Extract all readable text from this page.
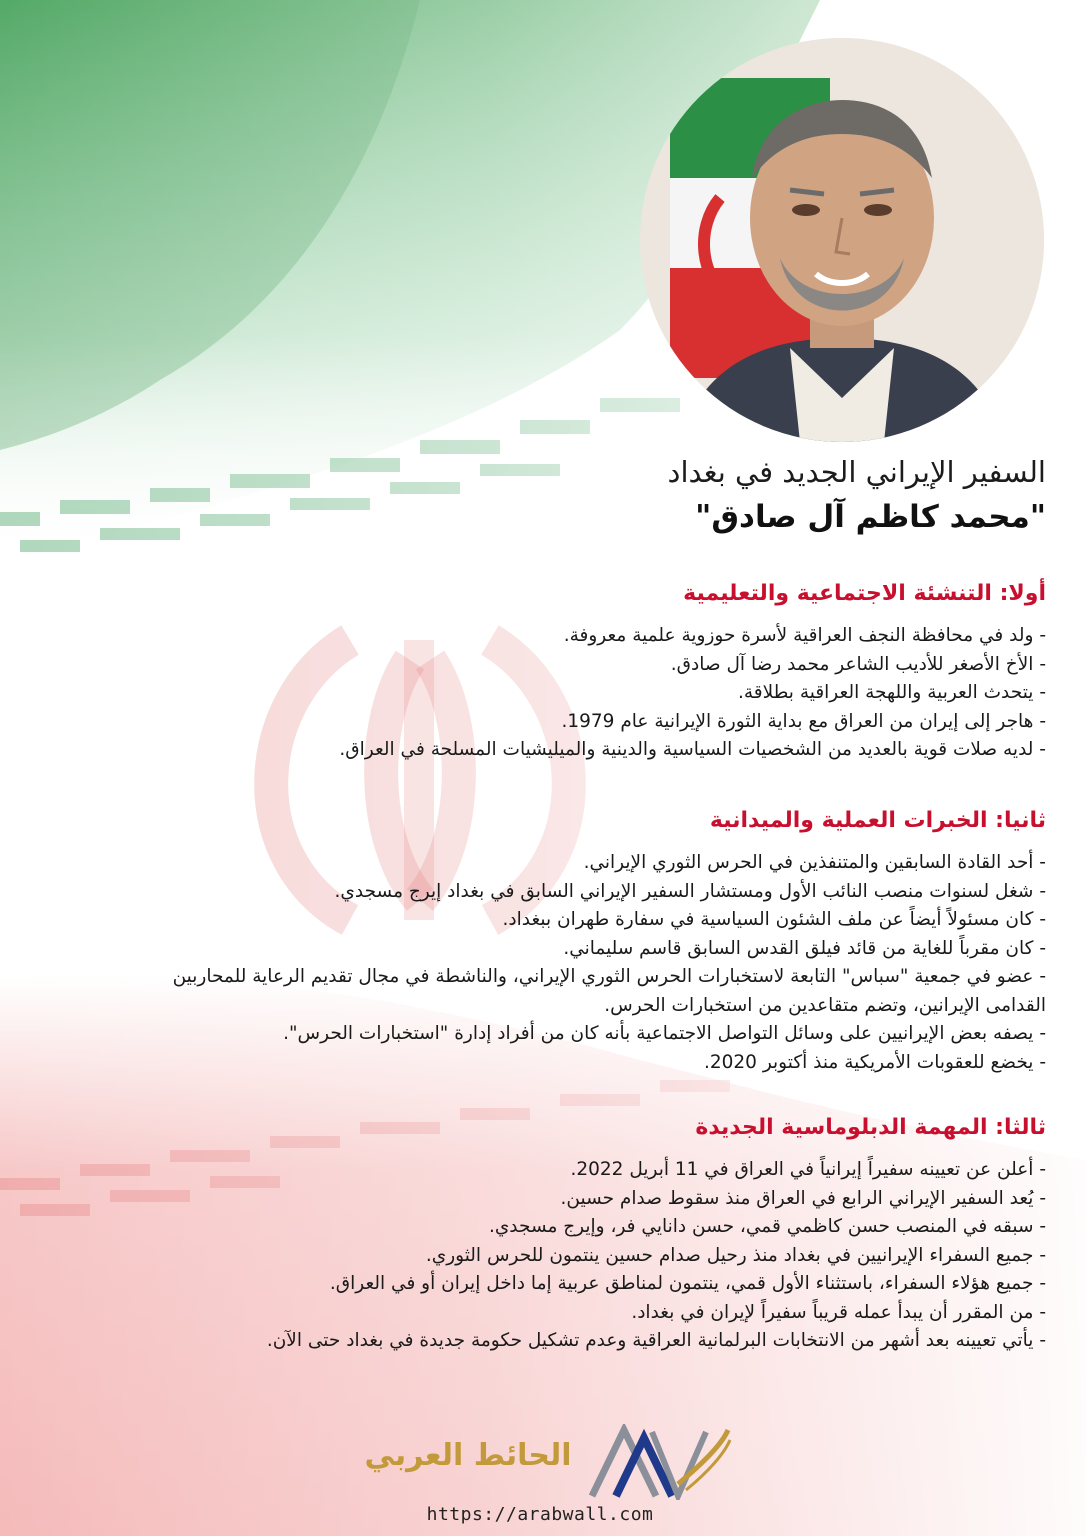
السفير الإيراني الجديد في بغداد
"محمد كاظم آل صادق"
أولا: التنشئة الاجتماعية والتعليمية
- ولد في محافظة النجف العراقية لأسرة حوزوية علمية معروفة.
- الأخ الأصغر للأديب الشاعر محمد رضا آل صادق.
- يتحدث العربية واللهجة العراقية بطلاقة.
- هاجر إلى إيران من العراق مع بداية الثورة الإيرانية عام 1979.
- لديه صلات قوية بالعديد من الشخصيات السياسية والدينية والميليشيات المسلحة في العراق.
ثانيا: الخبرات العملية والميدانية
- أحد القادة السابقين والمتنفذين في الحرس الثوري الإيراني.
- شغل لسنوات منصب النائب الأول ومستشار السفير الإيراني السابق في بغداد إيرج مسجدي.
- كان مسئولاً أيضاً عن ملف الشئون السياسية في سفارة طهران ببغداد.
- كان مقرباً للغاية من قائد فيلق القدس السابق قاسم سليماني.
- عضو في جمعية "سباس" التابعة لاستخبارات الحرس الثوري الإيراني، والناشطة في مجال تقديم الرعاية للمحاربين القدامى الإيرانين، وتضم متقاعدين من استخبارات الحرس.
- يصفه بعض الإيرانيين على وسائل التواصل الاجتماعية بأنه كان من أفراد إدارة "استخبارات الحرس".
- يخضع للعقوبات الأمريكية منذ أكتوبر 2020.
ثالثا: المهمة الدبلوماسية الجديدة
- أعلن عن تعيينه سفيراً إيرانياً في العراق في 11 أبريل 2022.
- يُعد السفير الإيراني الرابع في العراق منذ سقوط صدام حسين.
- سبقه في المنصب حسن كاظمي قمي، حسن دانايي فر، وإيرج مسجدي.
- جميع السفراء الإيرانيين في بغداد منذ رحيل صدام حسين ينتمون للحرس الثوري.
- جميع هؤلاء السفراء، باستثناء الأول قمي، ينتمون لمناطق عربية إما داخل إيران أو في العراق.
- من المقرر أن يبدأ عمله قريباً سفيراً لإيران في بغداد.
- يأتي تعيينه بعد أشهر من الانتخابات البرلمانية العراقية وعدم تشكيل حكومة جديدة في بغداد حتى الآن.
الحائط العربي
https://arabwall.com
